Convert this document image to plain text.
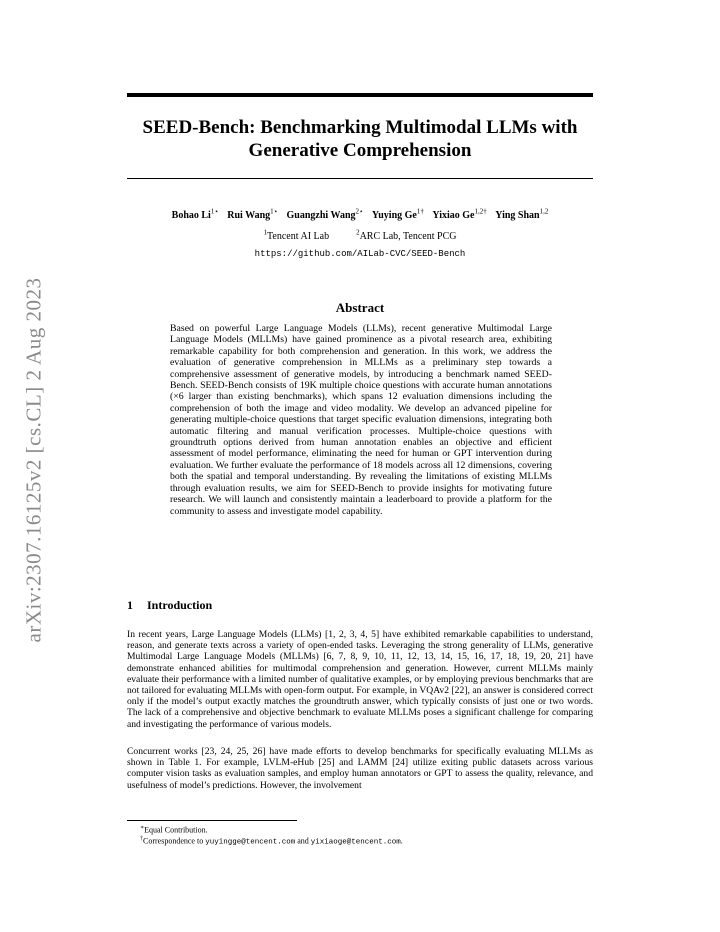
arXiv:2307.16125v2 [cs.CL] 2 Aug 2023
SEED-Bench: Benchmarking Multimodal LLMs with
Generative Comprehension
Bohao $Li^{1⋆}$ Rui Wang$^{1⋆}$ Guangzhi Wang$^{2⋆}$ Yuying $Ge^{1\dagger}$ Yixiao $Ge^{1,2\dagger}$ Ying Shan$^{1,2}$
$^1$Tencent AI Lab	$^2$ARC Lab, Tencent PCG
https://github.com/AILab-CVC/SEED-Bench
Abstract
Based on powerful Large Language Models (LLMs), recent generative Multimodal Large Language Models (MLLMs) have gained prominence as a pivotal research area, exhibiting remarkable capability for both comprehension and generation. In this work, we address the evaluation of generative comprehension in MLLMs as a preliminary step towards a comprehensive assessment of generative models, by introducing a benchmark named SEED-Bench. SEED-Bench consists of 19K multiple choice questions with accurate human annotations (×6 larger than existing benchmarks), which spans 12 evaluation dimensions including the comprehension of both the image and video modality. We develop an advanced pipeline for generating multiple-choice questions that target specific evaluation dimensions, integrating both automatic filtering and manual verification processes. Multiple-choice questions with groundtruth options derived from human annotation enables an objective and efficient assessment of model performance, eliminating the need for human or GPT intervention during evaluation. We further evaluate the performance of 18 models across all 12 dimensions, covering both the spatial and temporal understanding. By revealing the limitations of existing MLLMs through evaluation results, we aim for SEED-Bench to provide insights for motivating future research. We will launch and consistently maintain a leaderboard to provide a platform for the community to assess and investigate model capability.
1 Introduction
In recent years, Large Language Models (LLMs) [1, 2, 3, 4, 5] have exhibited remarkable capabilities to understand, reason, and generate texts across a variety of open-ended tasks. Leveraging the strong generality of LLMs, generative Multimodal Large Language Models (MLLMs) [6, 7, 8, 9, 10, 11, 12, 13, 14, 15, 16, 17, 18, 19, 20, 21] have demonstrate enhanced abilities for multimodal comprehension and generation. However, current MLLMs mainly evaluate their performance with a limited number of qualitative examples, or by employing previous benchmarks that are not tailored for evaluating MLLMs with open-form output. For example, in VQAv2 [22], an answer is considered correct only if the model’s output exactly matches the groundtruth answer, which typically consists of just one or two words. The lack of a comprehensive and objective benchmark to evaluate MLLMs poses a significant challenge for comparing and investigating the performance of various models.
Concurrent works [23, 24, 25, 26] have made efforts to develop benchmarks for specifically evaluating MLLMs as shown in Table 1. For example, LVLM-eHub [25] and LAMM [24] utilize exiting public datasets across various computer vision tasks as evaluation samples, and employ human annotators or GPT to assess the quality, relevance, and usefulness of model’s predictions. However, the involvement
∗Equal Contribution.
†Correspondence to yuyingge@tencent.com and yixiaoge@tencent.com.
